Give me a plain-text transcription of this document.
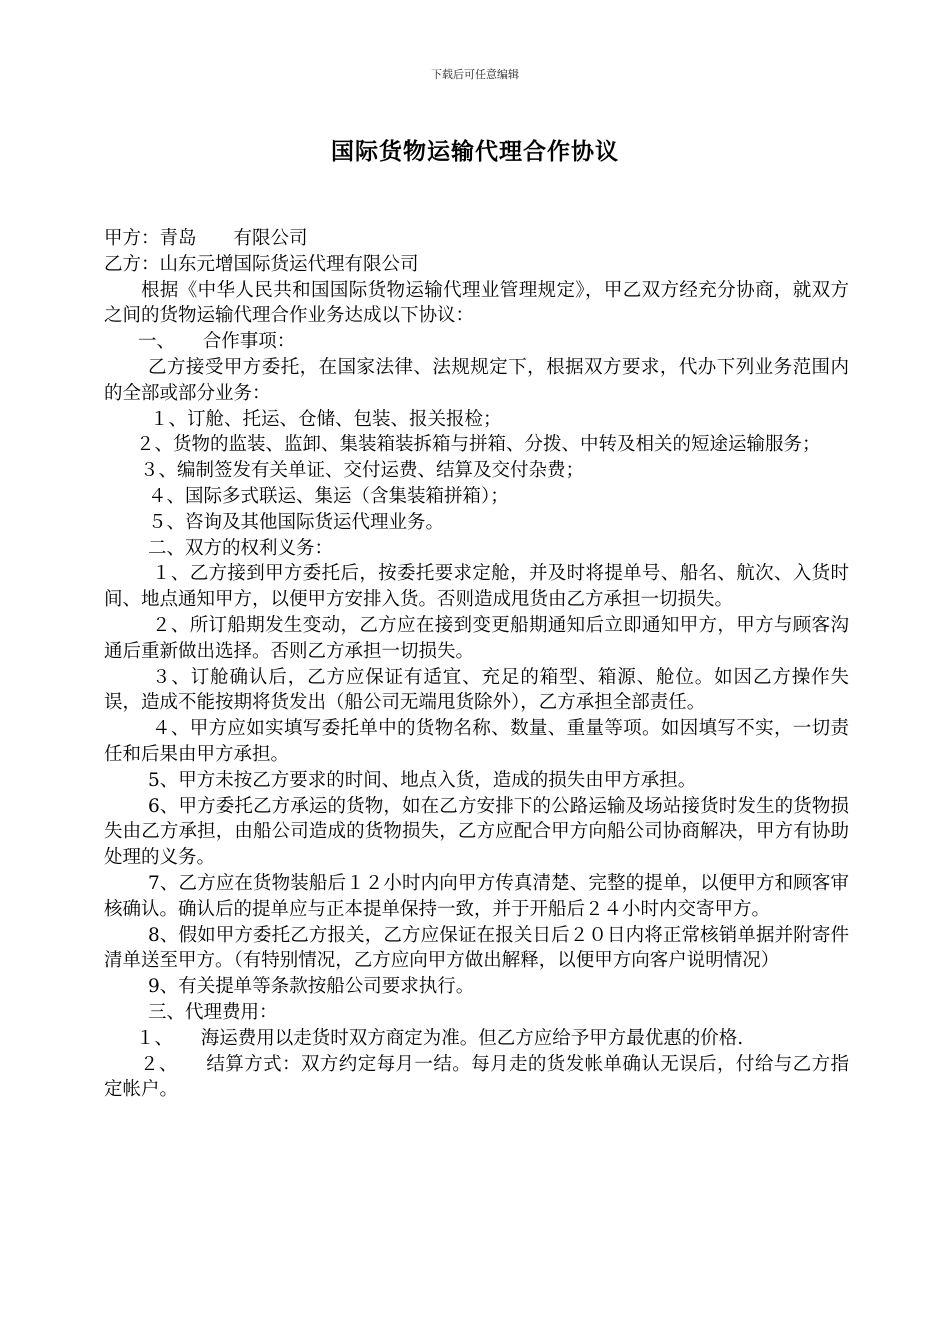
下载后可任意编辑
国际货物运输代理合作协议

甲方：青岛　　有限公司

乙方：山东元增国际货运代理有限公司

根据《中华人民共和国国际货物运输代理业管理规定》，甲乙双方经充分协商，就双方之间的货物运输代理合作业务达成以下协议：

一、　　合作事项：

乙方接受甲方委托，在国家法律、法规规定下，根据双方要求，代办下列业务范围内的全部或部分业务：

１、订舱、托运、仓储、包装、报关报检；

２、货物的监装、监卸、集装箱装拆箱与拼箱、分拨、中转及相关的短途运输服务；

３、编制签发有关单证、交付运费、结算及交付杂费；

４、国际多式联运、集运（含集装箱拼箱）；

５、咨询及其他国际货运代理业务。

二、双方的权利义务：

１、乙方接到甲方委托后，按委托要求定舱，并及时将提单号、船名、航次、入货时间、地点通知甲方，以便甲方安排入货。否则造成甩货由乙方承担一切损失。

２、所订船期发生变动，乙方应在接到变更船期通知后立即通知甲方，甲方与顾客沟通后重新做出选择。否则乙方承担一切损失。

３、订舱确认后，乙方应保证有适宜、充足的箱型、箱源、舱位。如因乙方操作失误，造成不能按期将货发出（船公司无端甩货除外），乙方承担全部责任。

４、甲方应如实填写委托单中的货物名称、数量、重量等项。如因填写不实，一切责任和后果由甲方承担。

5、甲方未按乙方要求的时间、地点入货，造成的损失由甲方承担。

6、甲方委托乙方承运的货物，如在乙方安排下的公路运输及场站接货时发生的货物损失由乙方承担，由船公司造成的货物损失，乙方应配合甲方向船公司协商解决，甲方有协助处理的义务。

7、乙方应在货物装船后１２小时内向甲方传真清楚、完整的提单，以便甲方和顾客审核确认。确认后的提单应与正本提单保持一致，并于开船后２４小时内交寄甲方。

8、假如甲方委托乙方报关，乙方应保证在报关日后２０日内将正常核销单据并附寄件清单送至甲方。（有特别情况，乙方应向甲方做出解释，以便甲方向客户说明情况）

9、有关提单等条款按船公司要求执行。

三、代理费用：

１、　　海运费用以走货时双方商定为准。但乙方应给予甲方最优惠的价格.

２、　　结算方式：双方约定每月一结。每月走的货发帐单确认无误后，付给与乙方指定帐户。
